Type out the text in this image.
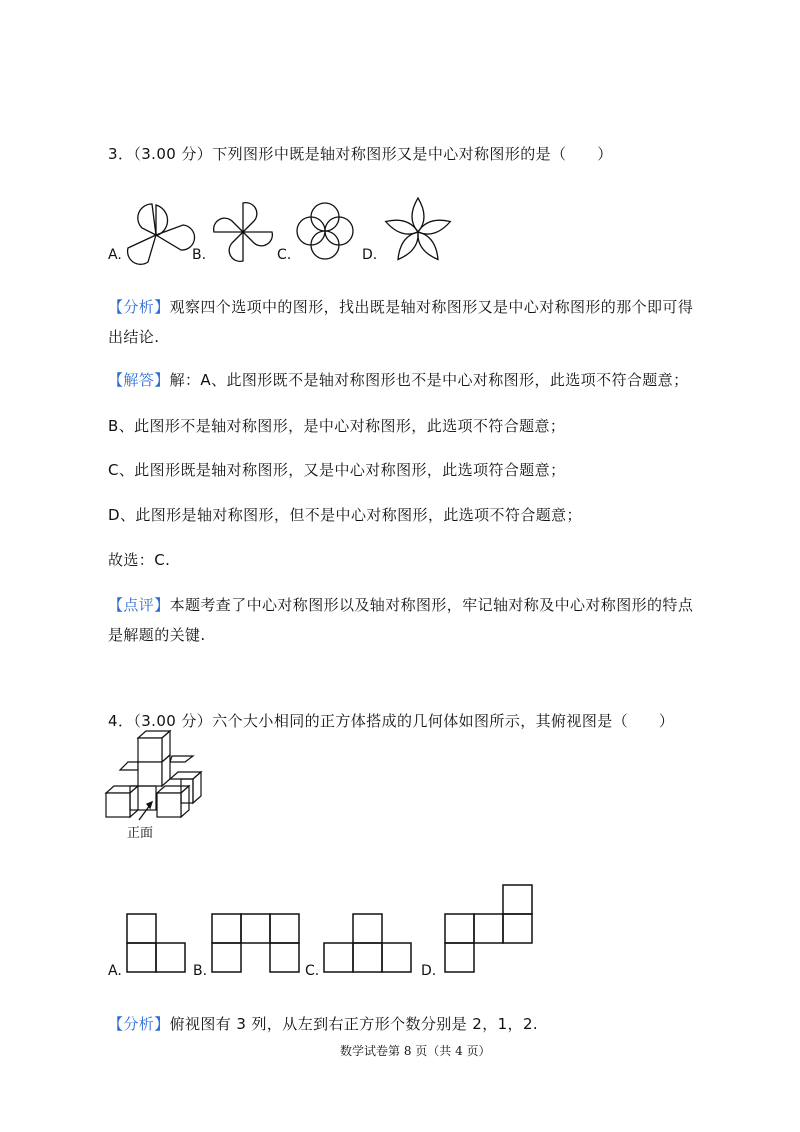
3．（3.00 分）下列图形中既是轴对称图形又是中心对称图形的是（　　）
A.	B.	C.	D.
【分析】观察四个选项中的图形，找出既是轴对称图形又是中心对称图形的那个即可得
出结论.
【解答】解：A、此图形既不是轴对称图形也不是中心对称图形，此选项不符合题意；
B、此图形不是轴对称图形，是中心对称图形，此选项不符合题意；
C、此图形既是轴对称图形，又是中心对称图形，此选项符合题意；
D、此图形是轴对称图形，但不是中心对称图形，此选项不符合题意；
故选：C.
【点评】本题考查了中心对称图形以及轴对称图形，牢记轴对称及中心对称图形的特点
是解题的关键.
4．（3.00 分）六个大小相同的正方体搭成的几何体如图所示，其俯视图是（　　）
正面
A.	B.	C.	D.
【分析】俯视图有 3 列，从左到右正方形个数分别是 2，1，2.
数学试卷第 8 页（共 4 页）
